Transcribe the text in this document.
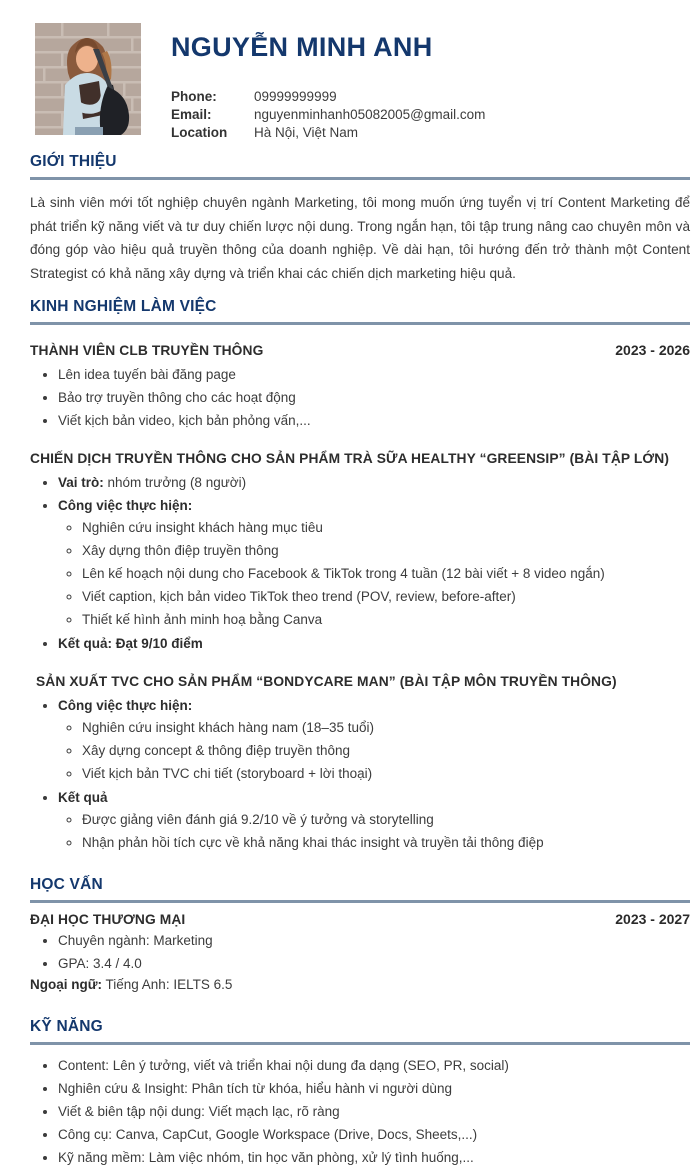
NGUYỄN MINH ANH
Phone:	09999999999
Email:	nguyenminhanh05082005@gmail.com
Location	Hà Nội, Việt Nam
GIỚI THIỆU

Là sinh viên mới tốt nghiệp chuyên ngành Marketing, tôi mong muốn ứng tuyển vị trí Content Marketing để phát triển kỹ năng viết và tư duy chiến lược nội dung. Trong ngắn hạn, tôi tập trung nâng cao chuyên môn và đóng góp vào hiệu quả truyền thông của doanh nghiệp. Về dài hạn, tôi hướng đến trở thành một Content Strategist có khả năng xây dựng và triển khai các chiến dịch marketing hiệu quả.

KINH NGHIỆM LÀM VIỆC
THÀNH VIÊN CLB TRUYỀN THÔNG	2023 - 2026
• Lên idea tuyến bài đăng page
• Bảo trợ truyền thông cho các hoạt động
• Viết kịch bản video, kịch bản phỏng vấn,...
CHIẾN DỊCH TRUYỀN THÔNG CHO SẢN PHẨM TRÀ SỮA HEALTHY “GREENSIP” (BÀI TẬP LỚN)
• Vai trò: nhóm trưởng (8 người)
• Công việc thực hiện:
◦ Nghiên cứu insight khách hàng mục tiêu
◦ Xây dựng thôn điệp truyền thông
◦ Lên kế hoạch nội dung cho Facebook & TikTok trong 4 tuần (12 bài viết + 8 video ngắn)
◦ Viết caption, kịch bản video TikTok theo trend (POV, review, before-after)
◦ Thiết kế hình ảnh minh hoạ bằng Canva
• Kết quả: Đạt 9/10 điểm
SẢN XUẤT TVC CHO SẢN PHẨM “BONDYCARE MAN” (BÀI TẬP MÔN TRUYỀN THÔNG)
• Công việc thực hiện:
◦ Nghiên cứu insight khách hàng nam (18–35 tuổi)
◦ Xây dựng concept & thông điệp truyền thông
◦ Viết kịch bản TVC chi tiết (storyboard + lời thoại)
• Kết quả
◦ Được giảng viên đánh giá 9.2/10 về ý tưởng và storytelling
◦ Nhận phản hồi tích cực về khả năng khai thác insight và truyền tải thông điệp
HỌC VẤN
ĐẠI HỌC THƯƠNG MẠI	2023 - 2027
• Chuyên ngành: Marketing
• GPA: 3.4 / 4.0
Ngoại ngữ: Tiếng Anh: IELTS 6.5
KỸ NĂNG
• Content: Lên ý tưởng, viết và triển khai nội dung đa dạng (SEO, PR, social)
• Nghiên cứu & Insight: Phân tích từ khóa, hiểu hành vi người dùng
• Viết & biên tập nội dung: Viết mạch lạc, rõ ràng
• Công cụ: Canva, CapCut, Google Workspace (Drive, Docs, Sheets,...)
• Kỹ năng mềm: Làm việc nhóm, tin học văn phòng, xử lý tình huống,...
